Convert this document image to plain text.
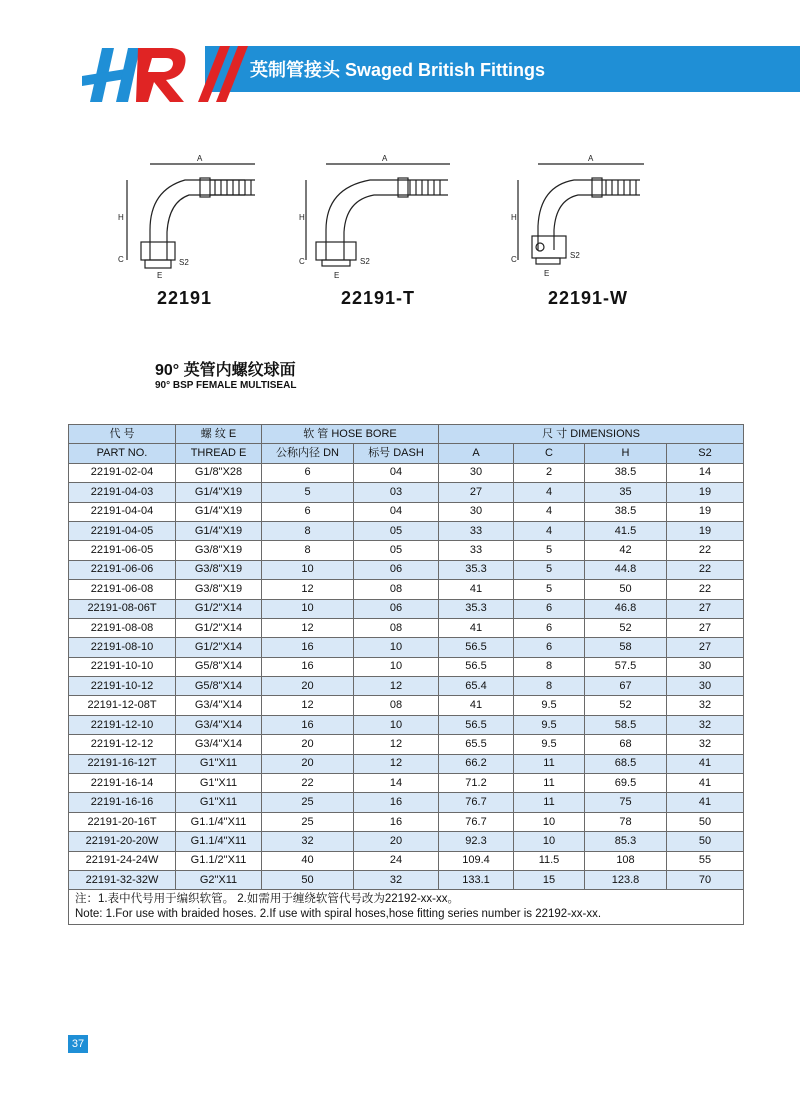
英制管接头 Swaged British Fittings
A
H
C
E
S2
22191
A
H
C
E
S2
22191-T
A
H
C
E
S2
22191-W
90° 英管内螺纹球面
90° BSP FEMALE MULTISEAL
代 号	螺 纹 E	软 管 HOSE BORE		尺 寸 DIMENSIONS			
PART NO.	THREAD E	公称内径 DN	标号 DASH	A	C	H	S2
22191-02-04	G1/8"X28	6	04	30	2	38.5	14
22191-04-03	G1/4"X19	5	03	27	4	35	19
22191-04-04	G1/4"X19	6	04	30	4	38.5	19
22191-04-05	G1/4"X19	8	05	33	4	41.5	19
22191-06-05	G3/8"X19	8	05	33	5	42	22
22191-06-06	G3/8"X19	10	06	35.3	5	44.8	22
22191-06-08	G3/8"X19	12	08	41	5	50	22
22191-08-06T	G1/2"X14	10	06	35.3	6	46.8	27
22191-08-08	G1/2"X14	12	08	41	6	52	27
22191-08-10	G1/2"X14	16	10	56.5	6	58	27
22191-10-10	G5/8"X14	16	10	56.5	8	57.5	30
22191-10-12	G5/8"X14	20	12	65.4	8	67	30
22191-12-08T	G3/4"X14	12	08	41	9.5	52	32
22191-12-10	G3/4"X14	16	10	56.5	9.5	58.5	32
22191-12-12	G3/4"X14	20	12	65.5	9.5	68	32
22191-16-12T	G1"X11	20	12	66.2	11	68.5	41
22191-16-14	G1"X11	22	14	71.2	11	69.5	41
22191-16-16	G1"X11	25	16	76.7	11	75	41
22191-20-16T	G1.1/4"X11	25	16	76.7	10	78	50
22191-20-20W	G1.1/4"X11	32	20	92.3	10	85.3	50
22191-24-24W	G1.1/2"X11	40	24	109.4	11.5	108	55
22191-32-32W	G2"X11	50	32	133.1	15	123.8	70

注：1.表中代号用于编织软管。 2.如需用于缠绕软管代号改为22192-xx-xx。
Note: 1.For use with braided hoses. 2.If use with spiral hoses,hose fitting series number is 22192-xx-xx.							
37
